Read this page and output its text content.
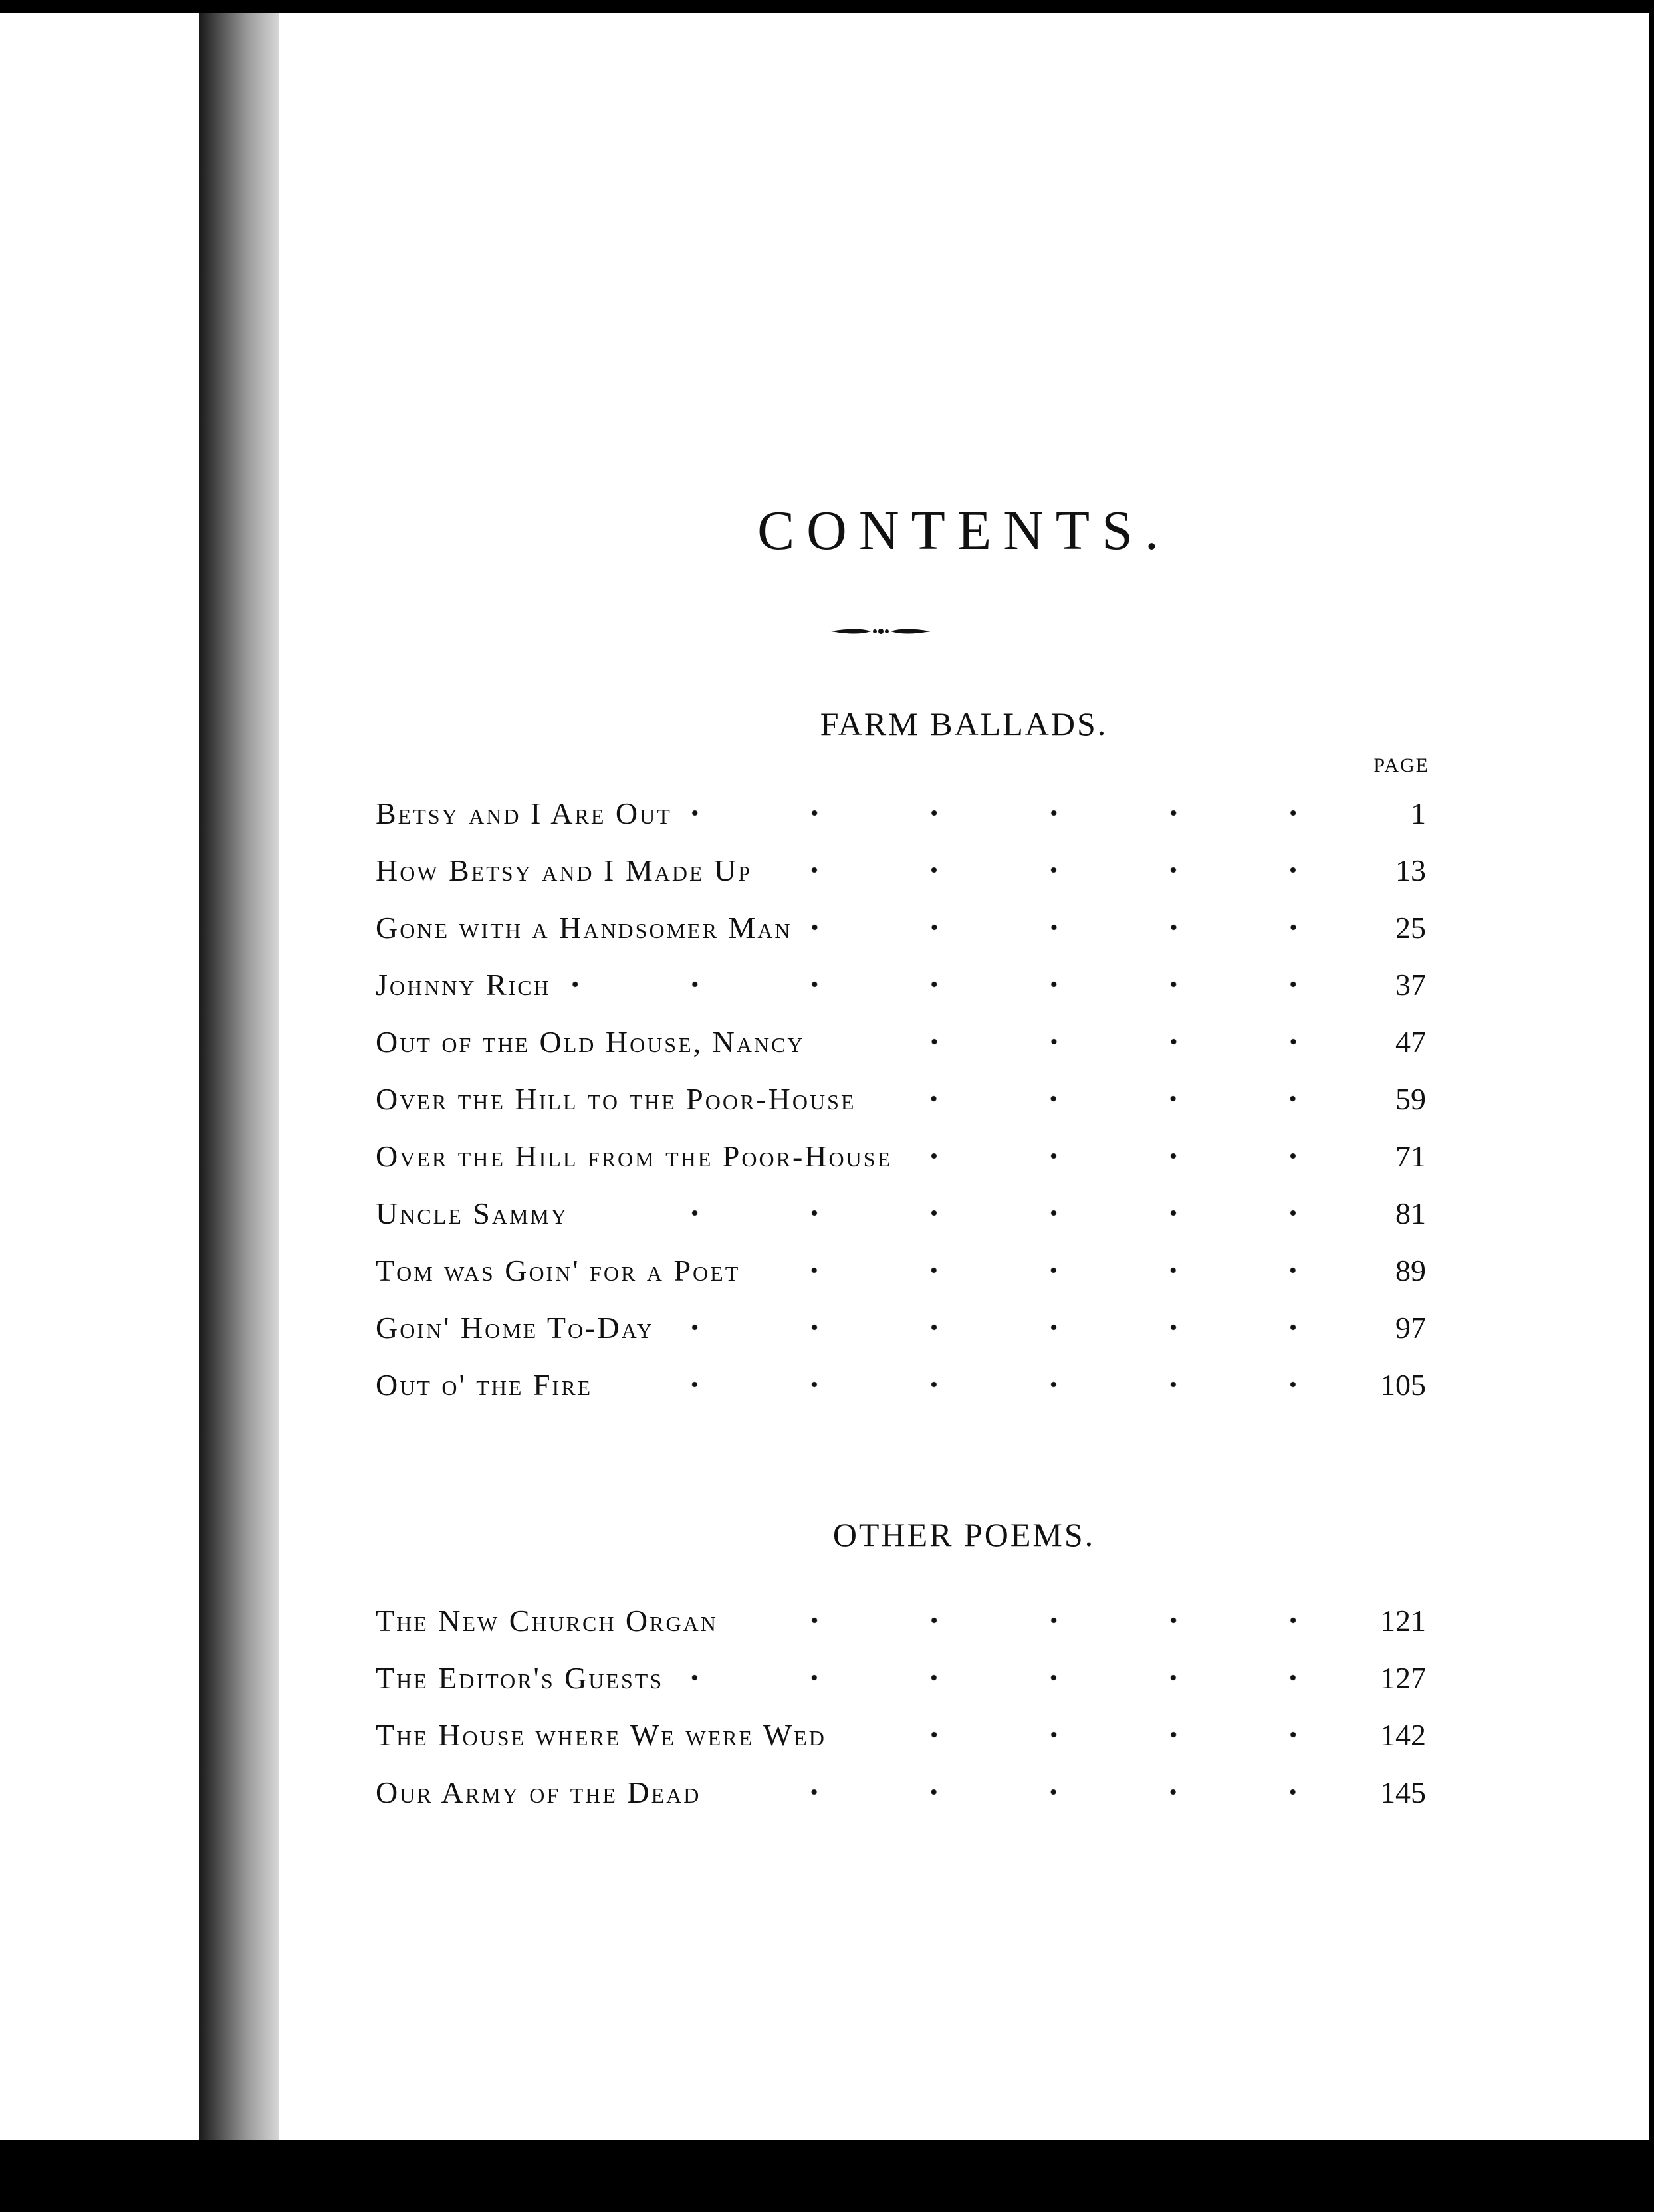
CONTENTS.
FARM BALLADS.
PAGE
Betsy and I Are Out	1
How Betsy and I Made Up	13
Gone with a Handsomer Man	25
Johnny Rich	37
Out of the Old House, Nancy	47
Over the Hill to the Poor-House	59
Over the Hill from the Poor-House	71
Uncle Sammy	81
Tom was Goin' for a Poet	89
Goin' Home To-Day	97
Out o' the Fire	105
OTHER POEMS.
The New Church Organ	121
The Editor's Guests	127
The House where We were Wed	142
Our Army of the Dead	145
